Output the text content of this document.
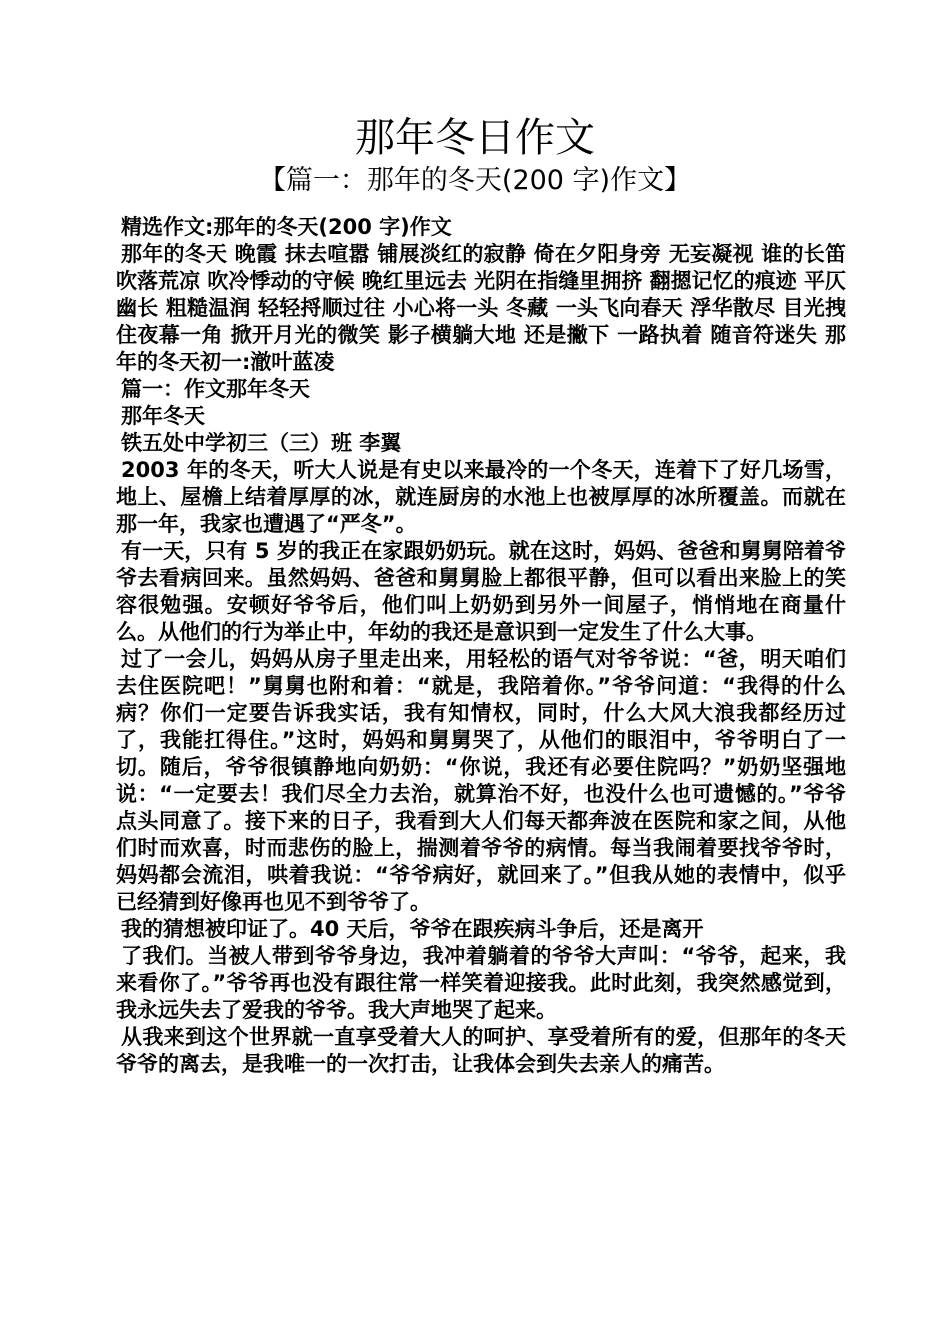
那年冬日作文
【篇一：那年的冬天(200 字)作文】

精选作文:那年的冬天(200 字)作文

那年的冬天 晚霞 抹去喧嚣 铺展淡红的寂静 倚在夕阳身旁 无妄凝视 谁的长笛吹落荒凉 吹冷悸动的守候 晚红里远去 光阴在指缝里拥挤 翻摁记忆的痕迹 平仄幽长 粗糙温润 轻轻捋顺过往 小心将一头 冬藏 一头飞向春天 浮华散尽 目光拽住夜幕一角 掀开月光的微笑 影子横躺大地 还是撇下 一路执着 随音符迷失 那年的冬天初一:澈叶蓝凌

篇一：作文那年冬天

那年冬天

铁五处中学初三（三）班 李翼

2003 年的冬天，听大人说是有史以来最冷的一个冬天，连着下了好几场雪，地上、屋檐上结着厚厚的冰，就连厨房的水池上也被厚厚的冰所覆盖。而就在那一年，我家也遭遇了“严冬”。

有一天，只有 5 岁的我正在家跟奶奶玩。就在这时，妈妈、爸爸和舅舅陪着爷爷去看病回来。虽然妈妈、爸爸和舅舅脸上都很平静，但可以看出来脸上的笑容很勉强。安顿好爷爷后，他们叫上奶奶到另外一间屋子，悄悄地在商量什么。从他们的行为举止中，年幼的我还是意识到一定发生了什么大事。

过了一会儿，妈妈从房子里走出来，用轻松的语气对爷爷说：“爸，明天咱们去住医院吧！”舅舅也附和着：“就是，我陪着你。”爷爷问道：“我得的什么病？你们一定要告诉我实话，我有知情权，同时，什么大风大浪我都经历过了，我能扛得住。”这时，妈妈和舅舅哭了，从他们的眼泪中，爷爷明白了一切。随后，爷爷很镇静地向奶奶：“你说，我还有必要住院吗？”奶奶坚强地说：“一定要去！我们尽全力去治，就算治不好，也没什么也可遗憾的。”爷爷点头同意了。接下来的日子，我看到大人们每天都奔波在医院和家之间，从他们时而欢喜，时而悲伤的脸上，揣测着爷爷的病情。每当我闹着要找爷爷时，妈妈都会流泪，哄着我说：“爷爷病好，就回来了。”但我从她的表情中，似乎已经猜到好像再也见不到爷爷了。

我的猜想被印证了。40 天后，爷爷在跟疾病斗争后，还是离开

了我们。当被人带到爷爷身边，我冲着躺着的爷爷大声叫：“爷爷，起来，我来看你了。”爷爷再也没有跟往常一样笑着迎接我。此时此刻，我突然感觉到，我永远失去了爱我的爷爷。我大声地哭了起来。

从我来到这个世界就一直享受着大人的呵护、享受着所有的爱，但那年的冬天爷爷的离去，是我唯一的一次打击，让我体会到失去亲人的痛苦。
